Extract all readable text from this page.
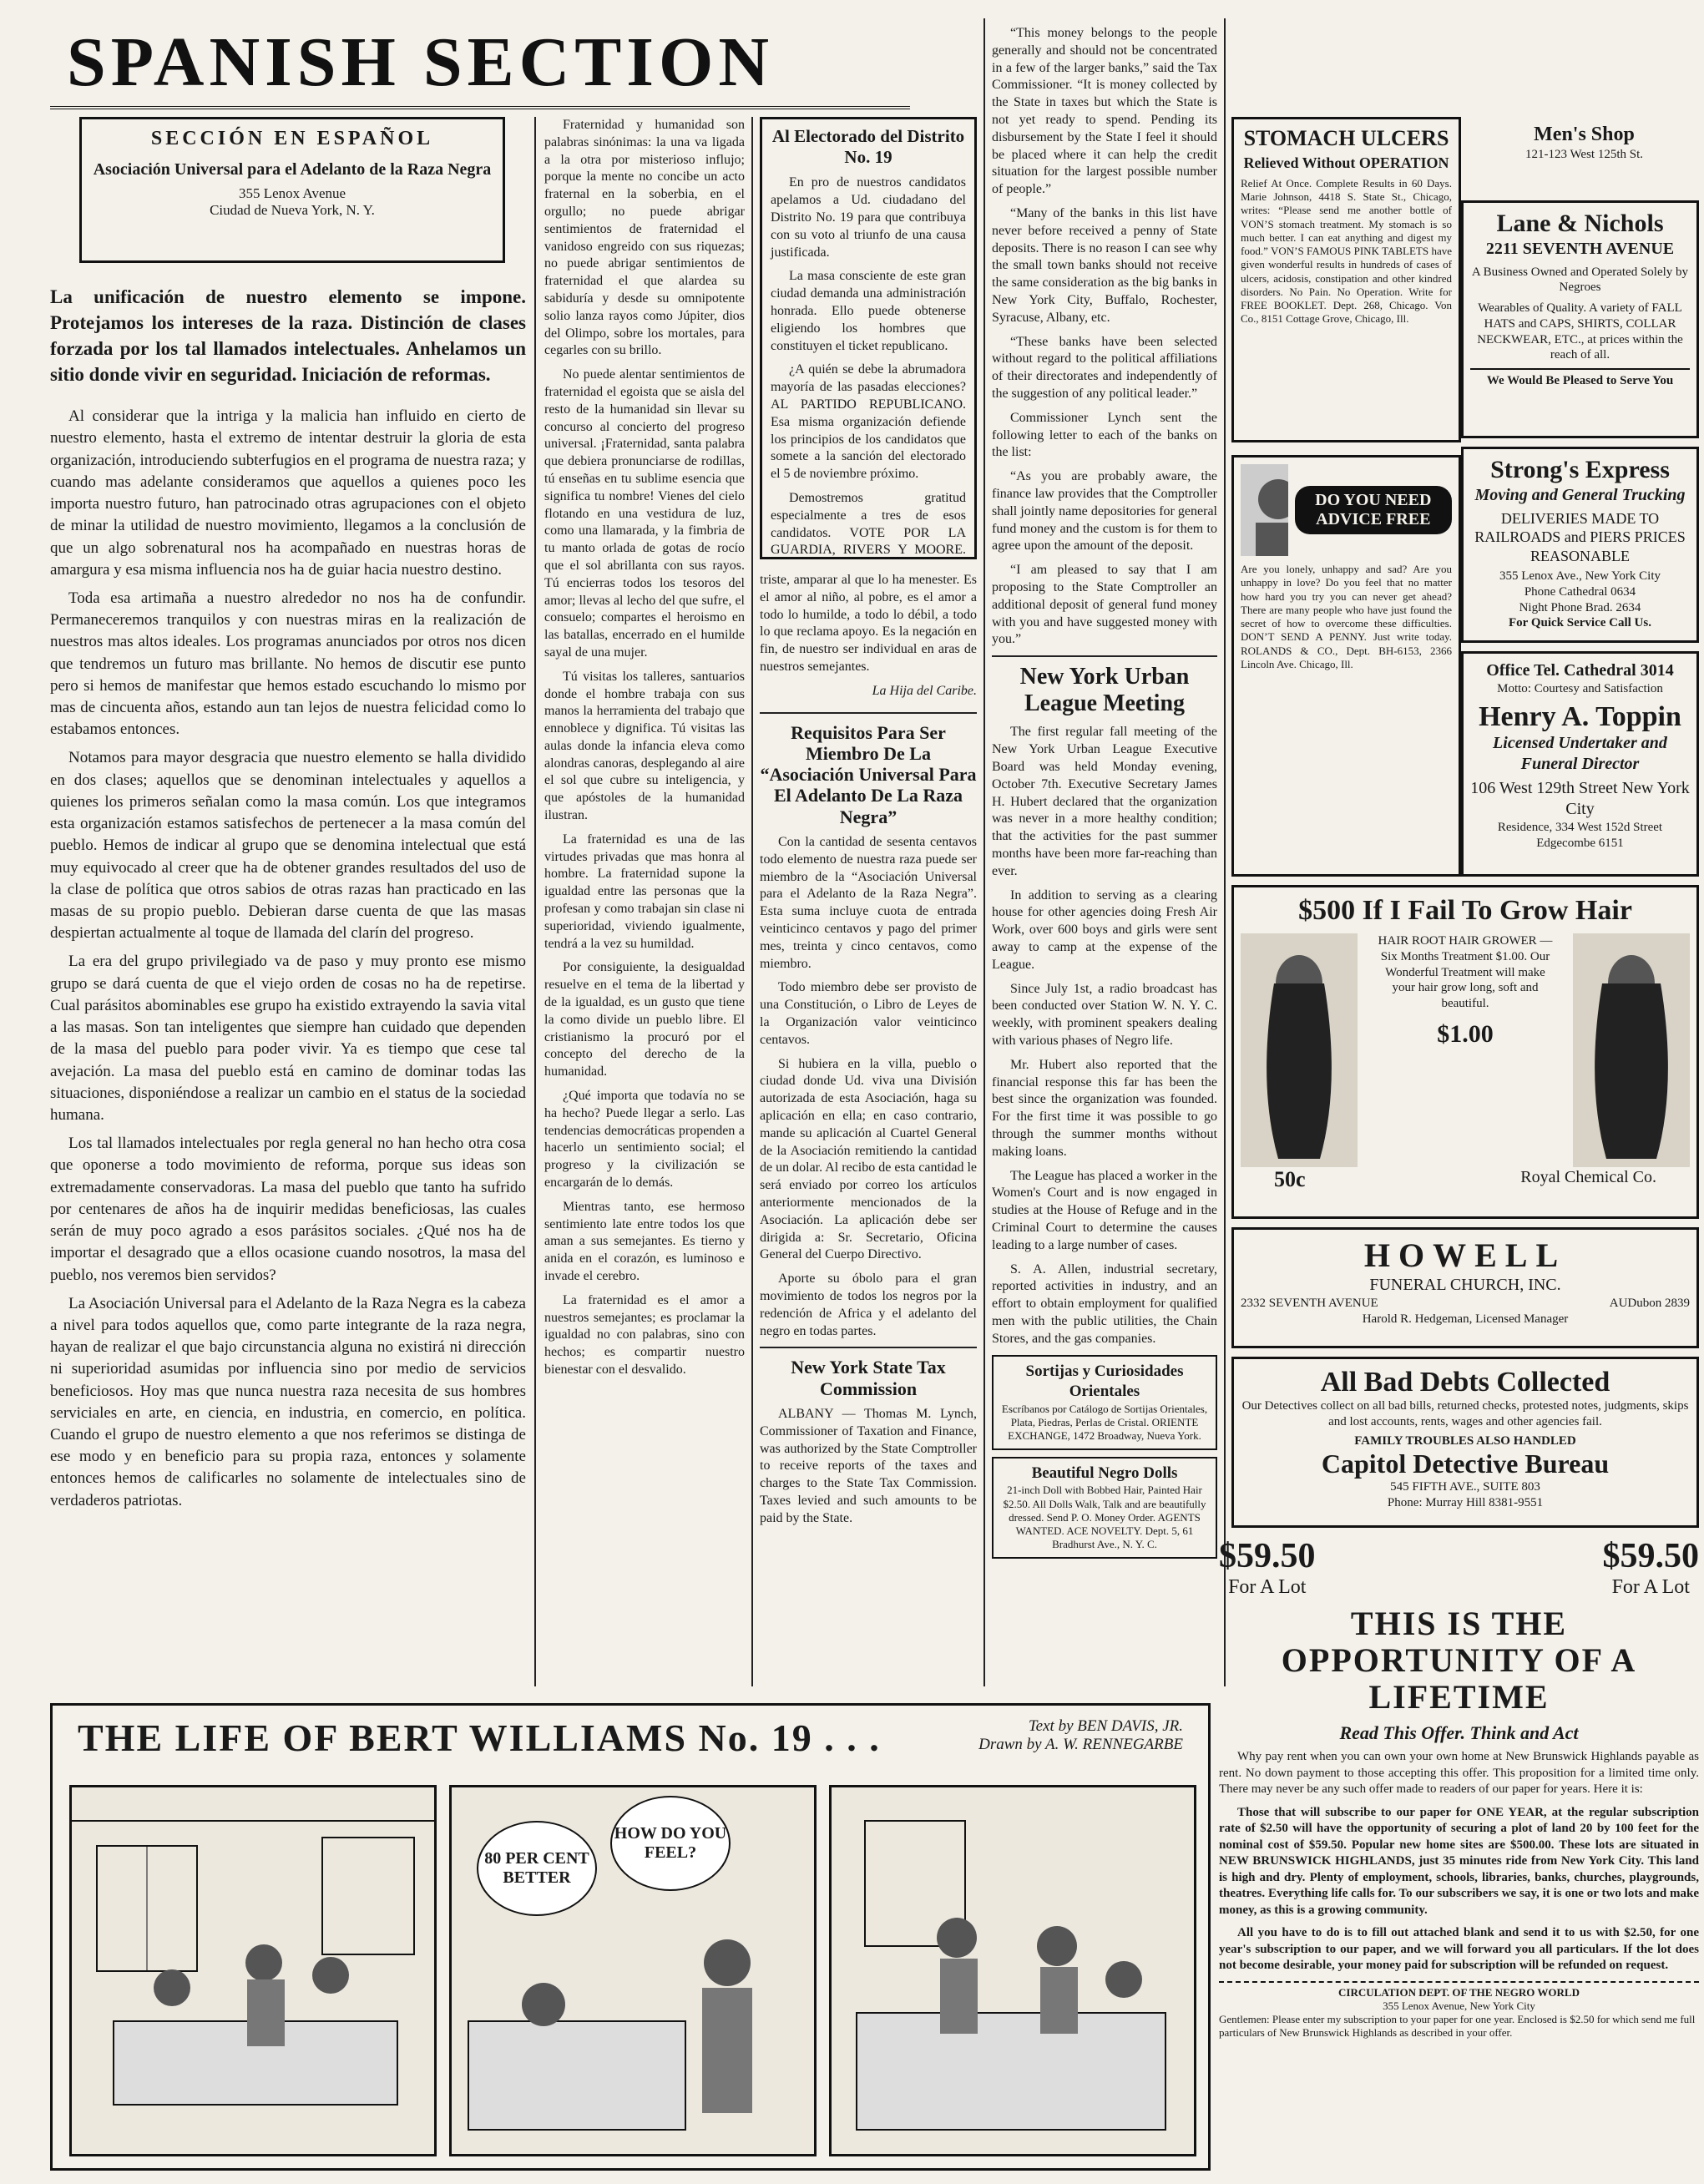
SPANISH SECTION
SECCIÓN EN ESPAÑOL
Asociación Universal para el Adelanto de la Raza Negra
355 Lenox Avenue
Ciudad de Nueva York, N. Y.
La unificación de nuestro elemento se impone. Protejamos los intereses de la raza. Distinción de clases forzada por los tal llamados intelectuales. Anhelamos un sitio donde vivir en seguridad. Iniciación de reformas.

Al considerar que la intriga y la malicia han influido en cierto de nuestro elemento, hasta el extremo de intentar destruir la gloria de esta organización, introduciendo subterfugios en el programa de nuestra raza; y cuando mas adelante consideramos que aquellos a quienes poco les importa nuestro futuro, han patrocinado otras agrupaciones con el objeto de minar la utilidad de nuestro movimiento, llegamos a la conclusión de que un algo sobrenatural nos ha acompañado en nuestras horas de amargura y esa misma influencia nos ha de guiar hacia nuestro destino.

Toda esa artimaña a nuestro alrededor no nos ha de confundir. Permaneceremos tranquilos y con nuestras miras en la realización de nuestros mas altos ideales. Los programas anunciados por otros nos dicen que tendremos un futuro mas brillante. No hemos de discutir ese punto pero si hemos de manifestar que hemos estado escuchando lo mismo por mas de cincuenta años, estando aun tan lejos de nuestra felicidad como lo estabamos entonces.

Notamos para mayor desgracia que nuestro elemento se halla dividido en dos clases; aquellos que se denominan intelectuales y aquellos a quienes los primeros señalan como la masa común. Los que integramos esta organización estamos satisfechos de pertenecer a la masa común del pueblo. Hemos de indicar al grupo que se denomina intelectual que está muy equivocado al creer que ha de obtener grandes resultados del uso de la clase de política que otros sabios de otras razas han practicado en las masas de su propio pueblo. Debieran darse cuenta de que las masas despiertan actualmente al toque de llamada del clarín del progreso.

La era del grupo privilegiado va de paso y muy pronto ese mismo grupo se dará cuenta de que el viejo orden de cosas no ha de repetirse. Cual parásitos abominables ese grupo ha existido extrayendo la savia vital a las masas. Son tan inteligentes que siempre han cuidado que dependen de la masa del pueblo para poder vivir. Ya es tiempo que cese tal avejación. La masa del pueblo está en camino de dominar todas las situaciones, disponiéndose a realizar un cambio en el status de la sociedad humana.

Los tal llamados intelectuales por regla general no han hecho otra cosa que oponerse a todo movimiento de reforma, porque sus ideas son extremadamente conservadoras. La masa del pueblo que tanto ha sufrido por centenares de años ha de inquirir medidas beneficiosas, las cuales serán de muy poco agrado a esos parásitos sociales. ¿Qué nos ha de importar el desagrado que a ellos ocasione cuando nosotros, la masa del pueblo, nos veremos bien servidos?

La Asociación Universal para el Adelanto de la Raza Negra es la cabeza a nivel para todos aquellos que, como parte integrante de la raza negra, hayan de realizar el que bajo circunstancia alguna no existirá ni dirección ni superioridad asumidas por influencia sino por medio de servicios beneficiosos. Hoy mas que nunca nuestra raza necesita de sus hombres serviciales en arte, en ciencia, en industria, en comercio, en política. Cuando el grupo de nuestro elemento a que nos referimos se distinga de ese modo y en beneficio para su propia raza, entonces y solamente entonces hemos de calificarles no solamente de intelectuales sino de verdaderos patriotas.

Fraternidad y humanidad son palabras sinónimas: la una va ligada a la otra por misterioso influjo; porque la mente no concibe un acto fraternal en la soberbia, en el orgullo; no puede abrigar sentimientos de fraternidad el vanidoso engreido con sus riquezas; no puede abrigar sentimientos de fraternidad el que alardea su sabiduría y desde su omnipotente solio lanza rayos como Júpiter, dios del Olimpo, sobre los mortales, para cegarles con su brillo.

No puede alentar sentimientos de fraternidad el egoista que se aisla del resto de la humanidad sin llevar su concurso al concierto del progreso universal. ¡Fraternidad, santa palabra que debiera pronunciarse de rodillas, tú enseñas en tu sublime esencia que significa tu nombre! Vienes del cielo flotando en una vestidura de luz, como una llamarada, y la fimbria de tu manto orlada de gotas de rocío que el sol abrillanta con sus rayos. Tú encierras todos los tesoros del amor; llevas al lecho del que sufre, el consuelo; compartes el heroismo en las batallas, encerrado en el humilde sayal de una mujer.

Tú visitas los talleres, santuarios donde el hombre trabaja con sus manos la herramienta del trabajo que ennoblece y dignifica. Tú visitas las aulas donde la infancia eleva como alondras canoras, desplegando al aire el sol que cubre su inteligencia, y que apóstoles de la humanidad ilustran.

La fraternidad es una de las virtudes privadas que mas honra al hombre. La fraternidad supone la igualdad entre las personas que la profesan y como trabajan sin clase ni superioridad, viviendo igualmente, tendrá a la vez su humildad.

Por consiguiente, la desigualdad resuelve en el tema de la libertad y de la igualdad, es un gusto que tiene la como divide un pueblo libre. El cristianismo la procuró por el concepto del derecho de la humanidad.

¿Qué importa que todavía no se ha hecho? Puede llegar a serlo. Las tendencias democráticas propenden a hacerlo un sentimiento social; el progreso y la civilización se encargarán de lo demás.

Mientras tanto, ese hermoso sentimiento late entre todos los que aman a sus semejantes. Es tierno y anida en el corazón, es luminoso e invade el cerebro.

La fraternidad es el amor a nuestros semejantes; es proclamar la igualdad no con palabras, sino con hechos; es compartir nuestro bienestar con el desvalido.

Al Electorado del Distrito No. 19

En pro de nuestros candidatos apelamos a Ud. ciudadano del Distrito No. 19 para que contribuya con su voto al triunfo de una causa justificada.

La masa consciente de este gran ciudad demanda una administración honrada. Ello puede obtenerse eligiendo los hombres que constituyen el ticket republicano.

¿A quién se debe la abrumadora mayoría de las pasadas elecciones? AL PARTIDO REPUBLICANO. Esa misma organización defiende los principios de los candidatos que somete a la sanción del electorado el 5 de noviembre próximo.

Demostremos gratitud especialmente a tres de esos candidatos. VOTE POR LA GUARDIA, RIVERS Y MOORE.

triste, amparar al que lo ha menester. Es el amor al niño, al pobre, es el amor a todo lo humilde, a todo lo débil, a todo lo que reclama apoyo. Es la negación en fin, de nuestro ser individual en aras de nuestros semejantes.

La Hija del Caribe.
Requisitos Para Ser Miembro De La “Asociación Universal Para El Adelanto De La Raza Negra”

Con la cantidad de sesenta centavos todo elemento de nuestra raza puede ser miembro de la “Asociación Universal para el Adelanto de la Raza Negra”. Esta suma incluye cuota de entrada veinticinco centavos y pago del primer mes, treinta y cinco centavos, como miembro.

Todo miembro debe ser provisto de una Constitución, o Libro de Leyes de la Organización valor veinticinco centavos.

Si hubiera en la villa, pueblo o ciudad donde Ud. viva una División autorizada de esta Asociación, haga su aplicación en ella; en caso contrario, mande su aplicación al Cuartel General de la Asociación remitiendo la cantidad de un dolar. Al recibo de esta cantidad le será enviado por correo los artículos anteriormente mencionados de la Asociación. La aplicación debe ser dirigida a: Sr. Secretario, Oficina General del Cuerpo Directivo.

Aporte su óbolo para el gran movimiento de todos los negros por la redención de Africa y el adelanto del negro en todas partes.

New York State Tax Commission

ALBANY — Thomas M. Lynch, Commissioner of Taxation and Finance, was authorized by the State Comptroller to receive reports of the taxes and charges to the State Tax Commission. Taxes levied and such amounts to be paid by the State.

“This money belongs to the people generally and should not be concentrated in a few of the larger banks,” said the Tax Commissioner. “It is money collected by the State in taxes but which the State is not yet ready to spend. Pending its disbursement by the State I feel it should be placed where it can help the credit situation for the largest possible number of people.”

“Many of the banks in this list have never before received a penny of State deposits. There is no reason I can see why the small town banks should not receive the same consideration as the big banks in New York City, Buffalo, Rochester, Syracuse, Albany, etc.

“These banks have been selected without regard to the political affiliations of their directorates and independently of the suggestion of any political leader.”

Commissioner Lynch sent the following letter to each of the banks on the list:

“As you are probably aware, the finance law provides that the Comptroller shall jointly name depositories for general fund money and the custom is for them to agree upon the amount of the deposit.

“I am pleased to say that I am proposing to the State Comptroller an additional deposit of general fund money with you and have suggested money with you.”

New York Urban League Meeting

The first regular fall meeting of the New York Urban League Executive Board was held Monday evening, October 7th. Executive Secretary James H. Hubert declared that the organization was never in a more healthy condition; that the activities for the past summer months have been more far-reaching than ever.

In addition to serving as a clearing house for other agencies doing Fresh Air Work, over 600 boys and girls were sent away to camp at the expense of the League.

Since July 1st, a radio broadcast has been conducted over Station W. N. Y. C. weekly, with prominent speakers dealing with various phases of Negro life.

Mr. Hubert also reported that the financial response this far has been the best since the organization was founded. For the first time it was possible to go through the summer months without making loans.

The League has placed a worker in the Women's Court and is now engaged in studies at the House of Refuge and in the Criminal Court to determine the causes leading to a large number of cases.

S. A. Allen, industrial secretary, reported activities in industry, and an effort to obtain employment for qualified men with the public utilities, the Chain Stores, and the gas companies.

Sortijas y Curiosidades Orientales
Escríbanos por Catálogo de Sortijas Orientales, Plata, Piedras, Perlas de Cristal. ORIENTE EXCHANGE, 1472 Broadway, Nueva York.
Beautiful Negro Dolls
21-inch Doll with Bobbed Hair, Painted Hair $2.50. All Dolls Walk, Talk and are beautifully dressed. Send P. O. Money Order. AGENTS WANTED. ACE NOVELTY. Dept. 5, 61 Bradhurst Ave., N. Y. C.
STOMACH ULCERS
Relieved Without OPERATION
Relief At Once. Complete Results in 60 Days. Marie Johnson, 4418 S. State St., Chicago, writes: “Please send me another bottle of VON’S stomach treatment. My stomach is so much better. I can eat anything and digest my food.” VON’S FAMOUS PINK TABLETS have given wonderful results in hundreds of cases of ulcers, acidosis, constipation and other kindred disorders. No Pain. No Operation. Write for FREE BOOKLET. Dept. 268, Chicago. Von Co., 8151 Cottage Grove, Chicago, Ill.
DO YOU NEED ADVICE FREE
Are you lonely, unhappy and sad? Are you unhappy in love? Do you feel that no matter how hard you try you can never get ahead? There are many people who have just found the secret of how to overcome these difficulties. DON’T SEND A PENNY. Just write today. ROLANDS & CO., Dept. BH-6153, 2366 Lincoln Ave. Chicago, Ill.
$500 If I Fail To Grow Hair
HAIR ROOT HAIR GROWER — Six Months Treatment $1.00. Our Wonderful Treatment will make your hair grow long, soft and beautiful.
$1.00
50c	Royal Chemical Co.
HOWELL
FUNERAL CHURCH, INC.
2332 SEVENTH AVENUE	AUDubon 2839
Harold R. Hedgeman, Licensed Manager
All Bad Debts Collected
Our Detectives collect on all bad bills, returned checks, protested notes, judgments, skips and lost accounts, rents, wages and other agencies fail.
FAMILY TROUBLES ALSO HANDLED
Capitol Detective Bureau
545 FIFTH AVE., SUITE 803
Phone: Murray Hill 8381-9551
$59.50
For A Lot
$59.50
For A Lot
THIS IS THE OPPORTUNITY OF A LIFETIME
Read This Offer. Think and Act

Why pay rent when you can own your own home at New Brunswick Highlands payable as rent. No down payment to those accepting this offer. This proposition for a limited time only. There may never be any such offer made to readers of our paper for years. Here it is:

Those that will subscribe to our paper for ONE YEAR, at the regular subscription rate of $2.50 will have the opportunity of securing a plot of land 20 by 100 feet for the nominal cost of $59.50. Popular new home sites are $500.00. These lots are situated in NEW BRUNSWICK HIGHLANDS, just 35 minutes ride from New York City. This land is high and dry. Plenty of employment, schools, libraries, banks, churches, playgrounds, theatres. Everything life calls for. To our subscribers we say, it is one or two lots and make money, as this is a growing community.

All you have to do is to fill out attached blank and send it to us with $2.50, for one year's subscription to our paper, and we will forward you all particulars. If the lot does not become desirable, your money paid for subscription will be refunded on request.

CIRCULATION DEPT. OF THE NEGRO WORLD
355 Lenox Avenue, New York City
Gentlemen: Please enter my subscription to your paper for one year. Enclosed is $2.50 for which send me full particulars of New Brunswick Highlands as described in your offer.
Men's Shop
121-123 West 125th St.
Lane & Nichols
2211 SEVENTH AVENUE
A Business Owned and Operated Solely by Negroes
Wearables of Quality. A variety of FALL HATS and CAPS, SHIRTS, COLLAR NECKWEAR, ETC., at prices within the reach of all.
We Would Be Pleased to Serve You
Strong's Express
Moving and General Trucking
DELIVERIES MADE TO RAILROADS and PIERS PRICES REASONABLE
355 Lenox Ave., New York City
Phone Cathedral 0634
Night Phone Brad. 2634
For Quick Service Call Us.
Office Tel. Cathedral 3014
Motto: Courtesy and Satisfaction
Henry A. Toppin
Licensed Undertaker and Funeral Director
106 West 129th Street New York City
Residence, 334 West 152d Street
Edgecombe 6151
THE LIFE OF BERT WILLIAMS No. 19 . . .	Text by BEN DAVIS, JR.
Drawn by A. W. RENNEGARBE
80 PER CENT BETTER
HOW DO YOU FEEL?
